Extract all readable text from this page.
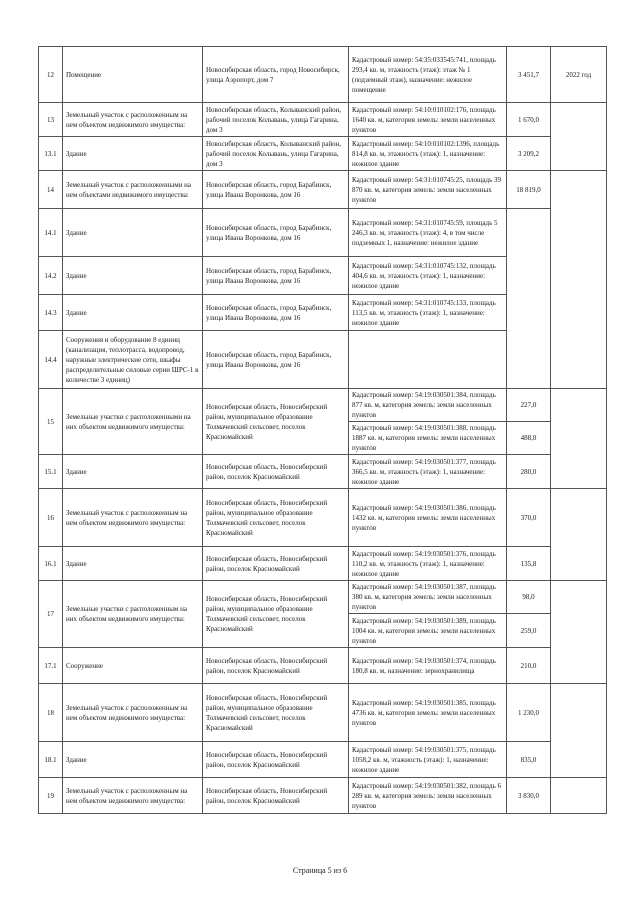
12	Помещение	Новосибирская область, город Новосибирск, улица Аэропорт, дом 7	Кадастровый номер: 54:35:033545:741, площадь 293,4 кв. м, этажность (этаж): этаж № 1 (подземный этаж), назначение: нежилое помещение	3 451,7	2022 год
13	Земельный участок с расположенным на нем объектом недвижимого имущества:	Новосибирская область, Колыванский район, рабочий поселок Колывань, улица Гагарина, дом 3	Кадастровый номер: 54:10:010102:176, площадь 1640 кв. м, категория земель: земли населенных пунктов	1 670,0	
13.1	Здание	Новосибирская область, Колыванский район, рабочий поселок Колывань, улица Гагарина, дом 3	Кадастровый номер: 54:10:010102:1396, площадь 814,8 кв. м, этажность (этаж): 1, назначение: нежилое здание	3 209,2	
14	Земельный участок с расположенными на нем объектами недвижимого имущества:	Новосибирская область, город Барабинск, улица Ивана Воронкова, дом 16	Кадастровый номер: 54:31:010745:25, площадь 39 870 кв. м, категория земель: земли населенных пунктов	18 819,0	
14.1	Здание	Новосибирская область, город Барабинск, улица Ивана Воронкова, дом 16	Кадастровый номер: 54:31:010745:59, площадь 5 246,3 кв. м, этажность (этаж): 4, в том числе подземных 1, назначение: нежилое здание		
14.2	Здание	Новосибирская область, город Барабинск, улица Ивана Воронкова, дом 16	Кадастровый номер: 54:31:010745:132, площадь 404,6 кв. м, этажность (этаж): 1, назначение: нежилое здание		
14.3	Здание	Новосибирская область, город Барабинск, улица Ивана Воронкова, дом 16	Кадастровый номер: 54:31:010745:133, площадь 113,5 кв. м, этажность (этаж): 1, назначение: нежилое здание		
14.4	Сооружения и оборудование 8 единиц (канализация, теплотрасса, водопровод, наружные электрические сети, шкафы распределительные силовые серии ШРС-1 в количестве 3 единиц)	Новосибирская область, город Барабинск, улица Ивана Воронкова, дом 16			
15	Земельные участки с расположенными на них объектом недвижимого имущества:	Новосибирская область, Новосибирский район, муниципальное образование Толмачевский сельсовет, поселок Красномайский	Кадастровый номер: 54:19:030501:384, площадь 877 кв. м, категория земель: земли населенных пунктов	227,0	
			Кадастровый номер: 54:19:030501:388, площадь 1887 кв. м, категория земель: земли населенных пунктов	488,0	
15.1	Здание	Новосибирская область, Новосибирский район, поселок Красномайский	Кадастровый номер: 54:19:030501:377, площадь 366,5 кв. м, этажность (этаж): 1, назначение: нежилое здание	280,0	
16	Земельный участок с расположенным на нем объектом недвижимого имущества:	Новосибирская область, Новосибирский район, муниципальное образование Толмачевский сельсовет, поселок Красномайский	Кадастровый номер: 54:19:030501:386, площадь 1432 кв. м, категория земель: земли населенных пунктов	370,0	
16.1	Здание	Новосибирская область, Новосибирский район, поселок Красномайский	Кадастровый номер: 54:19:030501:376, площадь 110,2 кв. м, этажность (этаж): 1, назначение: нежилое здание	135,8	
17	Земельные участки с расположенным на них объектом недвижимого имущества:	Новосибирская область, Новосибирский район, муниципальное образование Толмачевский сельсовет, поселок Красномайский	Кадастровый номер: 54:19:030501:387, площадь 380 кв. м, категория земель: земли населенных пунктов	98,0	
			Кадастровый номер: 54:19:030501:389, площадь 1004 кв. м, категория земель: земли населенных пунктов	259,0	
17.1	Сооружение	Новосибирская область, Новосибирский район, поселок Красномайский	Кадастровый номер: 54:19:030501:374, площадь 180,8 кв. м, назначение: зернохранилища	210,0	
18	Земельный участок с расположенным на нем объектом недвижимого имущества:	Новосибирская область, Новосибирский район, муниципальное образование Толмачевский сельсовет, поселок Красномайский	Кадастровый номер: 54:19:030501:385, площадь 4736 кв. м, категория земель: земли населенных пунктов	1 230,0	
18.1	Здание	Новосибирская область, Новосибирский район, поселок Красномайский	Кадастровый номер: 54:19:030501:375, площадь 1058,2 кв. м, этажность (этаж): 1, назначение: нежилое здание	835,0	
19	Земельный участок с расположенным на нем объектом недвижимого имущества:	Новосибирская область, Новосибирский район, поселок Красномайский	Кадастровый номер: 54:19:030501:382, площадь 6 289 кв. м, категория земель: земли населенных пунктов	3 830,0	
Страница 5 из 6
